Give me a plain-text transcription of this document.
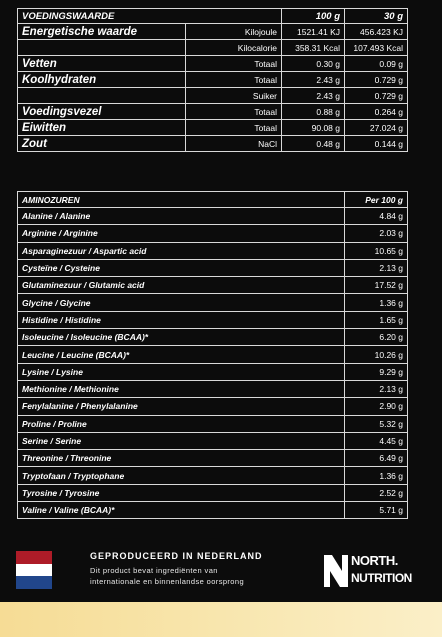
VOEDINGSWAARDE		100 g	30 g
Energetische waarde	Kilojoule	1521.41 KJ	456.423 KJ
	Kilocalorie	358.31 Kcal	107.493 Kcal
Vetten	Totaal	0.30 g	0.09 g
Koolhydraten	Totaal	2.43 g	0.729 g
	Suiker	2.43 g	0.729 g
Voedingsvezel	Totaal	0.88 g	0.264 g
Eiwitten	Totaal	90.08 g	27.024 g
Zout	NaCl	0.48 g	0.144 g
AMINOZUREN	Per 100 g
Alanine / Alanine	4.84 g
Arginine / Arginine	2.03 g
Asparaginezuur / Aspartic acid	10.65 g
Cysteïne / Cysteine	2.13 g
Glutaminezuur / Glutamic acid	17.52 g
Glycine / Glycine	1.36 g
Histidine / Histidine	1.65 g
Isoleucine / Isoleucine (BCAA)*	6.20 g
Leucine / Leucine (BCAA)*	10.26 g
Lysine / Lysine	9.29 g
Methionine / Methionine	2.13 g
Fenylalanine / Phenylalanine	2.90 g
Proline / Proline	5.32 g
Serine / Serine	4.45 g
Threonine / Threonine	6.49 g
Tryptofaan / Tryptophane	1.36 g
Tyrosine / Tyrosine	2.52 g
Valine / Valine (BCAA)*	5.71 g
GEPRODUCEERD IN NEDERLAND
Dit product bevat ingrediënten van
internationale en binnenlandse oorsprong
NORTH.
NUTRITION
